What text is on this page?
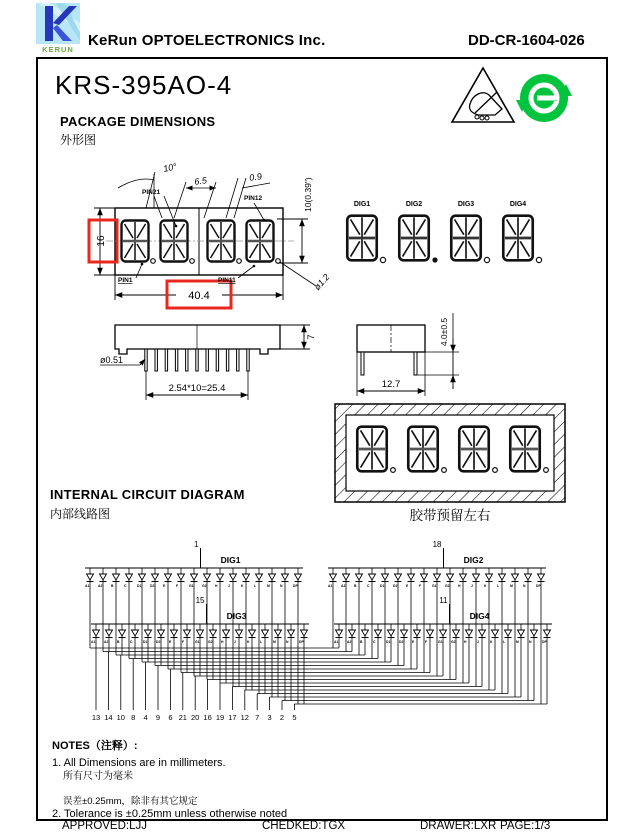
KERUN
KeRun OPTOELECTRONICS Inc.	DD-CR-1604-026
KRS-395AO-4
PACKAGE DIMENSIONS
外形图
16
40.4
10°
6.5	0.9
PIN21
PIN12
PIN1	PIN11
10(0.39")
ø1.2
DIG1	DIG2	DIG3	DIG4
ø0.51
2.54*10=25.4
7
12.7
4.0±0.5
胶带预留左右
INTERNAL CIRCUIT DIAGRAM
内部线路图
1
DIG1
A1	A2	B	C	D1	D2	E	F	G1 G2 H	J	K	L	M	N	DP
18
DIG2
A1	A2	B	C	D1	D2	E	F	G1 G2 H	J	K	L	M	N	DP
15
DIG3
A1	A2	B	C	D1	D2	E	F	G1 G2 H	J	K	L	M	N	DP
11
DIG4
A1	A2	B	C	D1	D2	E	F	G1 G2 H	J	K	L	M	N	DP
13 14 10 8 4 9 6 21 20 16 19 17 12 7 3 2 5
NOTES（注释）:
1. All Dimensions are in millimeters.
所有尺寸为毫米
误差±0.25mm，除非有其它规定
2. Tolerance is ±0.25mm unless otherwise noted
APPROVED:LJJ	CHEDKED:TGX	DRAWER:LXR PAGE:1/3
